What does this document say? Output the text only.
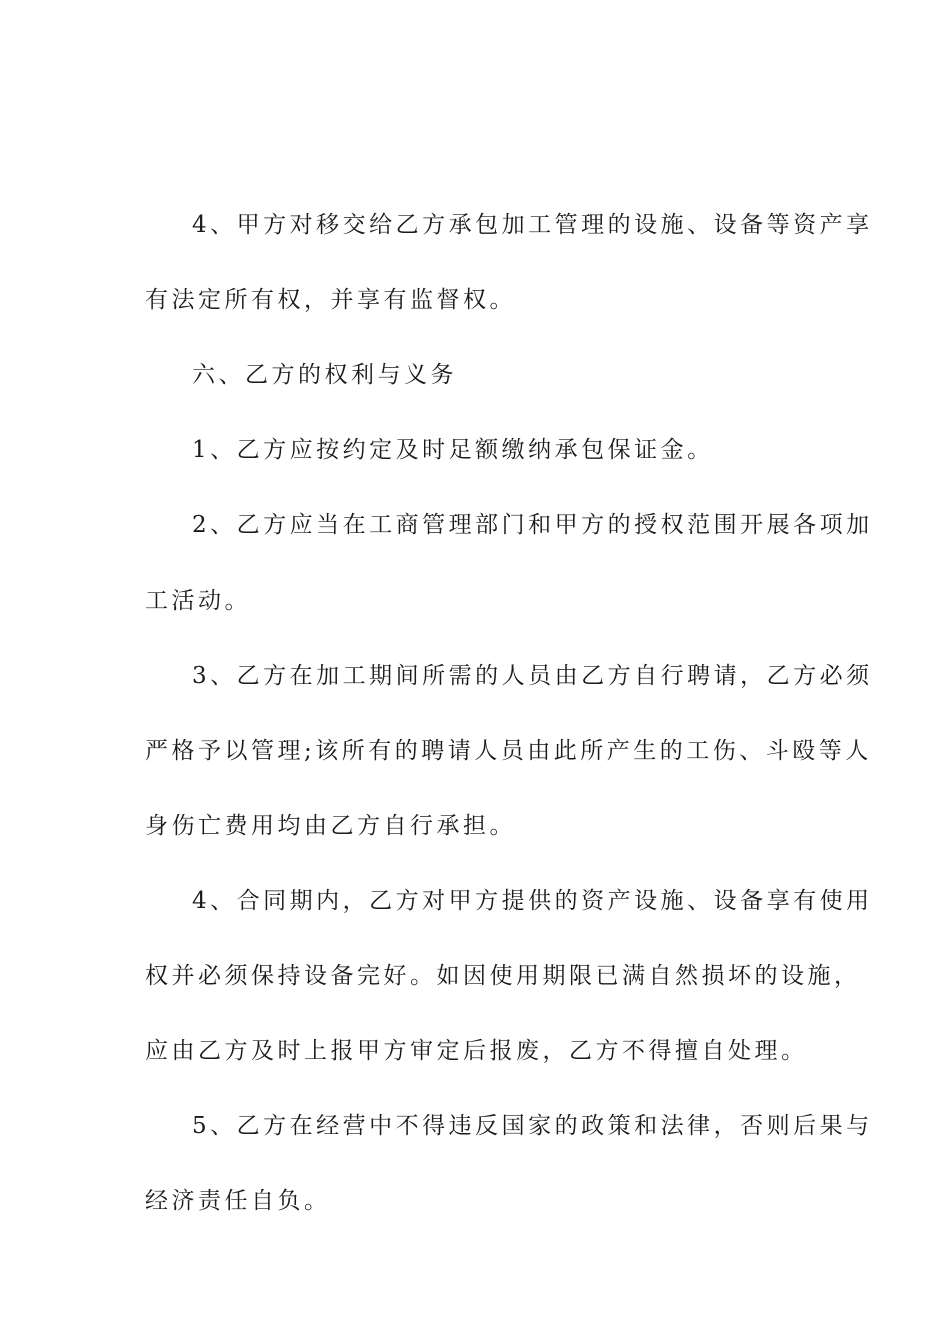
4、甲方对移交给乙方承包加工管理的设施、设备等资产享
有法定所有权，并享有监督权。
六、乙方的权利与义务
1、乙方应按约定及时足额缴纳承包保证金。
2、乙方应当在工商管理部门和甲方的授权范围开展各项加
工活动。
3、乙方在加工期间所需的人员由乙方自行聘请，乙方必须
严格予以管理;该所有的聘请人员由此所产生的工伤、斗殴等人
身伤亡费用均由乙方自行承担。
4、合同期内，乙方对甲方提供的资产设施、设备享有使用
权并必须保持设备完好。如因使用期限已满自然损坏的设施，
应由乙方及时上报甲方审定后报废，乙方不得擅自处理。
5、乙方在经营中不得违反国家的政策和法律，否则后果与
经济责任自负。
